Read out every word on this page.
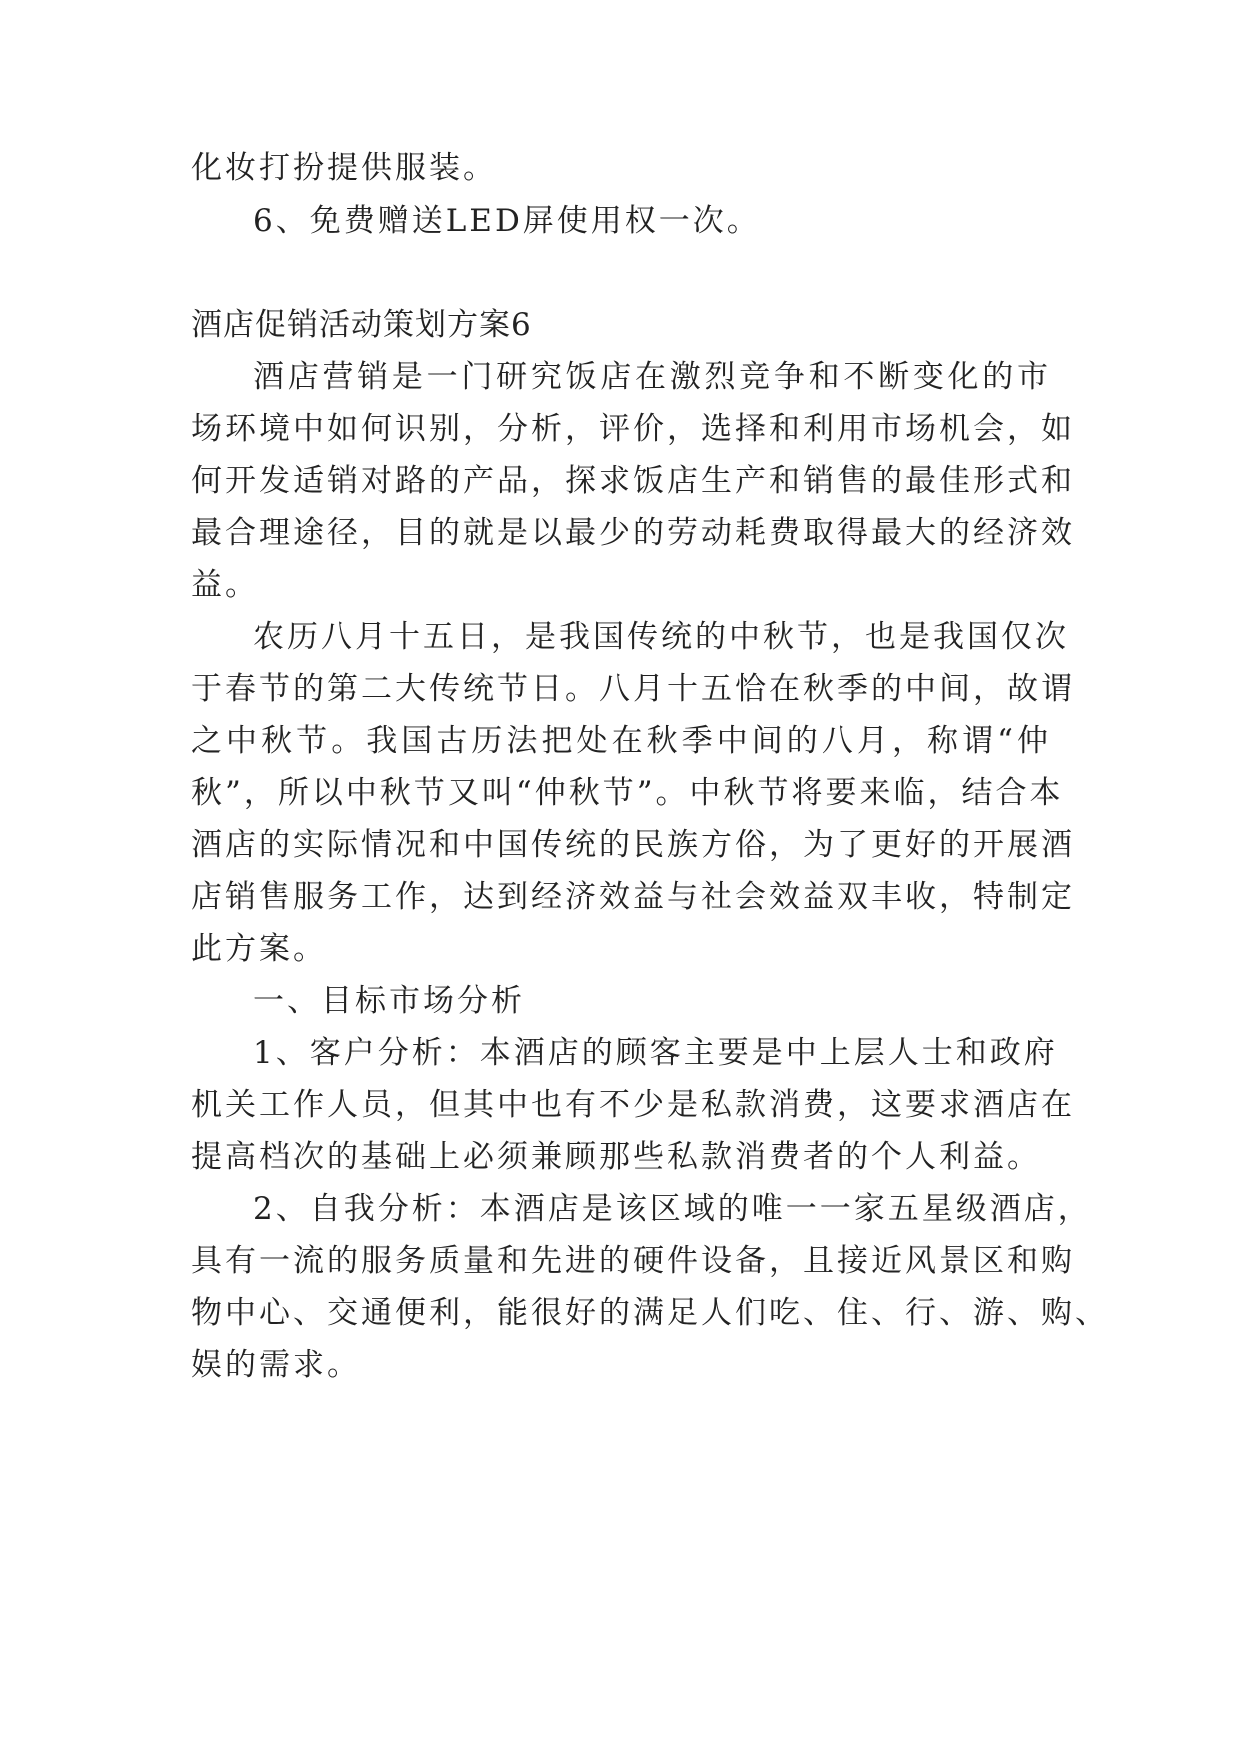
化妆打扮提供服装。
6、免费赠送LED屏使用权一次。
酒店促销活动策划方案6
酒店营销是一门研究饭店在激烈竞争和不断变化的市
场环境中如何识别，分析，评价，选择和利用市场机会，如
何开发适销对路的产品，探求饭店生产和销售的最佳形式和
最合理途径，目的就是以最少的劳动耗费取得最大的经济效
益。
农历八月十五日，是我国传统的中秋节，也是我国仅次
于春节的第二大传统节日。八月十五恰在秋季的中间，故谓
之中秋节。我国古历法把处在秋季中间的八月，称谓“仲
秋”，所以中秋节又叫“仲秋节”。中秋节将要来临，结合本
酒店的实际情况和中国传统的民族方俗，为了更好的开展酒
店销售服务工作，达到经济效益与社会效益双丰收，特制定
此方案。
一、目标市场分析
1、客户分析：本酒店的顾客主要是中上层人士和政府
机关工作人员，但其中也有不少是私款消费，这要求酒店在
提高档次的基础上必须兼顾那些私款消费者的个人利益。
2、自我分析：本酒店是该区域的唯一一家五星级酒店，
具有一流的服务质量和先进的硬件设备，且接近风景区和购
物中心、交通便利，能很好的满足人们吃、住、行、游、购、
娱的需求。
